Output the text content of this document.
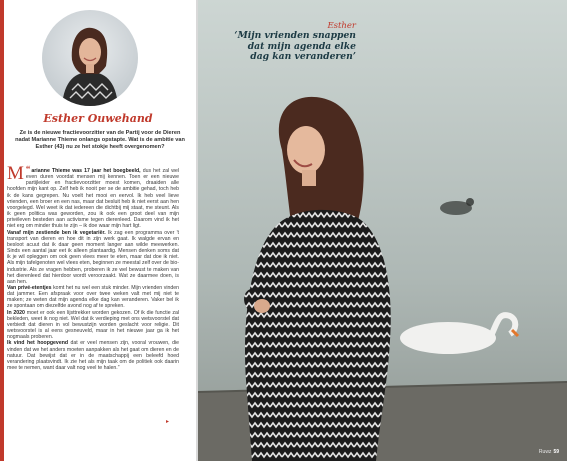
Esther Ouwehand
Ze is de nieuwe fractievoorzitter van de Partij voor de Dieren nadat Marianne Thieme onlangs opstapte. Wat is de ambitie van Esther (43) nu ze het stokje heeft overgenomen?

“
M arianne Thieme was 17 jaar het boegbeeld, dus het zal wel even duren voordat mensen mij kennen. Toen er een nieuwe partijleider en fractievoorzitter moest komen, draaiden alle hoofden mijn kant op. Zelf heb ik nooit per se de ambitie gehad, toch heb ik de kans gegrepen. Nu voelt het mooi en eervol. Ik heb veel lieve vrienden, een broer en een nas, maar dat besluit heb ik niet eerst aan hen voorgelegd. Wel weet ik dat iedereen die dichtbij mij staat, me steunt. Als ik geen politica was geworden, zou ik ook een groot deel van mijn privéleven besteden aan activisme tegen dierenleed. Daarom vind ik het niet erg om minder thuis te zijn – ik doe waar mijn hart ligt.

Vanaf mijn zestiende ben ik vegetariër. Ik zag een programma over 't transport van dieren en hoe dit in zijn werk gaat. Ik walgde ervan en besloot acuut dat ik daar geen moment langer aan wilde meewerken. Sinds een aantal jaar eet ik alleen plantaardig. Mensen denken soms dat ik je wil opleggen om ook geen vlees meer te eten, maar dat doe ik niet. Als mijn tafelgenoten wel vlees eten, beginnen ze meestal zelf over de bio-industrie. Als ze vragen hebben, proberen ik ze wel bewust te maken van het dierenleed dat hierdoor wordt veroorzaakt. Wat ze daarmee doen, is aan hen.

Van privé-etentjes komt het nu wel een stuk minder. Mijn vrienden vinden dat jammer. Een afspraak voor over twee weken valt met mij niet te maken; ze weten dat mijn agenda elke dag kan veranderen. Vaker bel ik ze spontaan om diezelfde avond nog af te spreken.

In 2020 moet er ook een lijsttrekker worden gekozen. Of ik die functie zal bekleden, weet ik nog niet. Wel dat ik verdieping met ons wetsvoorstel dat verbiedt dat dieren in vol bewustzijn worden geslacht voor religie. Dit wetsvoorstel is al eens gesneuveld, maar in het nieuwe jaar ga ik het nogmaals proberen.

Ik vind het hoopgevend dat er veel mensen zijn, vooral vrouwen, die vinden dat we het anders moeten aanpakken als het gaat om dieren en de natuur. Dat bewijst dat er in de maatschappij een beleefd hoed verandering plaatsvindt. Ik zie het als mijn taak om de politiek ook daarin mee te nemen, want daar valt nog veel te halen.”

▸
Ruwz 59
Esther
‘Mijn vrienden snappen dat mijn agenda elke dag kan veranderen’
